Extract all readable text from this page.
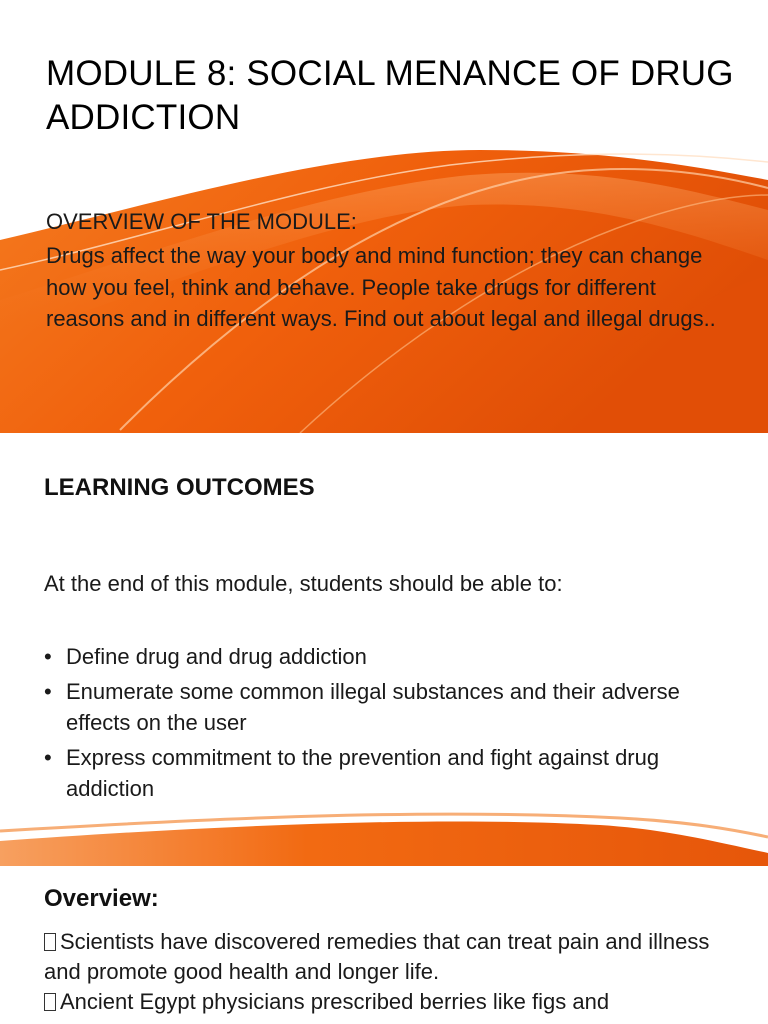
MODULE 8: SOCIAL MENANCE OF DRUG ADDICTION

OVERVIEW OF THE MODULE:

Drugs affect the way your body and mind function; they can change how you feel, think and behave. People take drugs for different reasons and in different ways. Find out about legal and illegal drugs..

LEARNING OUTCOMES

At the end of this module, students should be able to:

• Define drug and drug addiction
• Enumerate some common illegal substances and their adverse effects on the user
• Express commitment to the prevention and fight against drug addiction
Overview:

Scientists have discovered remedies that can treat pain and illness and promote good health and longer life.

Ancient Egypt physicians prescribed berries like figs and
